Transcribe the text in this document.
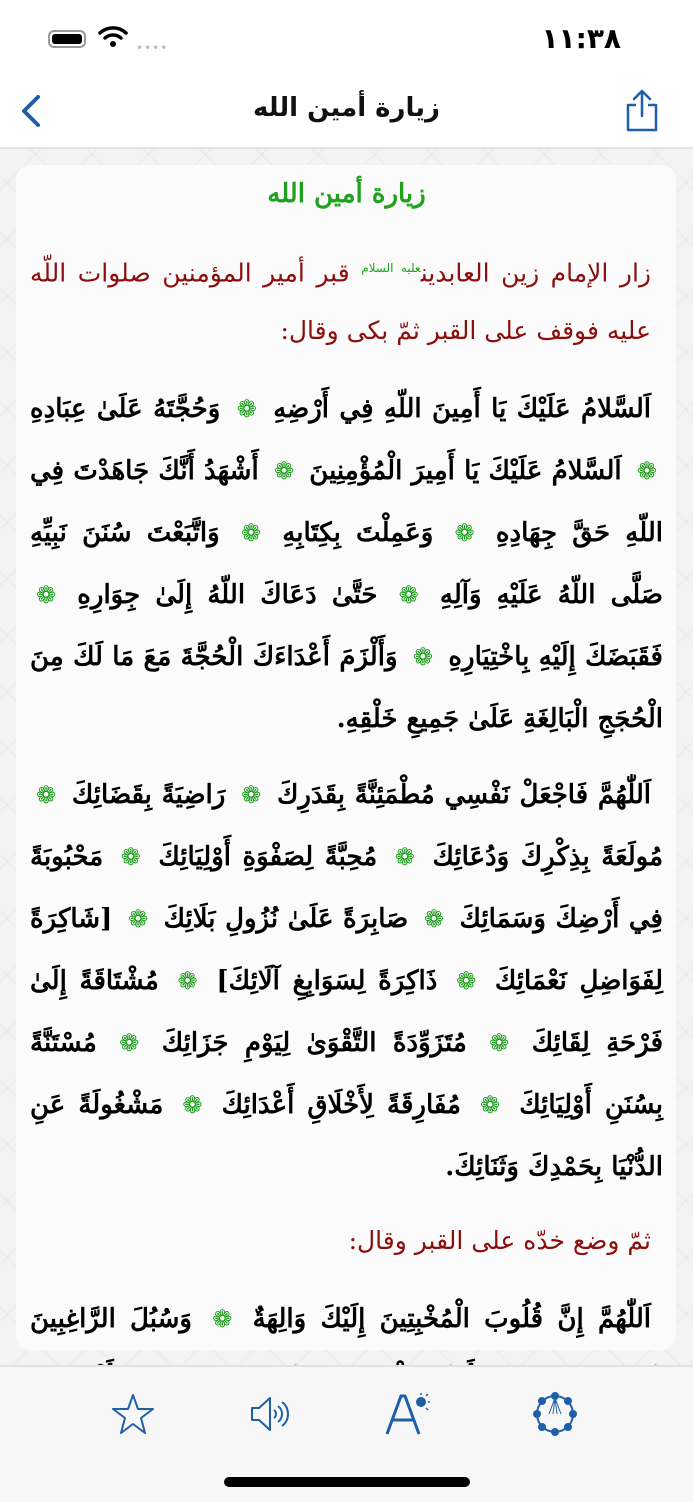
••••	١١:٣٨
زيارة أمين الله
زيارة أمين الله

زار الإمام زين العابدين$^{عليه السلام}$ قبر أمير المؤمنين صلوات اللّه عليه فوقف على القبر ثمّ بكى وقال:

اَلسَّلامُ عَلَيْكَ يَا أَمِينَ اللّهِ فِي أَرْضِهِ ❁ وَحُجَّتَهُ عَلَىٰ عِبَادِهِ ❁ اَلسَّلامُ عَلَيْكَ يَا أَمِيرَ الْمُؤْمِنِينَ ❁ أَشْهَدُ أَنَّكَ جَاهَدْتَ فِي اللّهِ حَقَّ جِهَادِهِ ❁ وَعَمِلْتَ بِكِتَابِهِ ❁ وَاتَّبَعْتَ سُنَنَ نَبِيِّهِ صَلَّى اللّهُ عَلَيْهِ وَآلِهِ ❁ حَتَّىٰ دَعَاكَ اللّهُ إِلَىٰ جِوَارِهِ ❁ فَقَبَضَكَ إِلَيْهِ بِاخْتِيَارِهِ ❁ وَأَلْزَمَ أَعْدَاءَكَ الْحُجَّةَ مَعَ مَا لَكَ مِنَ الْحُجَجِ الْبَالِغَةِ عَلَىٰ جَمِيعِ خَلْقِهِ.

اَللّٰهُمَّ فَاجْعَلْ نَفْسِي مُطْمَئِنَّةً بِقَدَرِكَ ❁ رَاضِيَةً بِقَضَائِكَ ❁ مُولَعَةً بِذِكْرِكَ وَدُعَائِكَ ❁ مُحِبَّةً لِصَفْوَةِ أَوْلِيَائِكَ ❁ مَحْبُوبَةً فِي أَرْضِكَ وَسَمَائِكَ ❁ صَابِرَةً عَلَىٰ نُزُولِ بَلَائِكَ ❁ [شَاكِرَةً لِفَوَاضِلِ نَعْمَائِكَ ❁ ذَاكِرَةً لِسَوَابِغِ آلَائِكَ] ❁ مُشْتَاقَةً إِلَىٰ فَرْحَةِ لِقَائِكَ ❁ مُتَزَوِّدَةً التَّقْوَىٰ لِيَوْمِ جَزَائِكَ ❁ مُسْتَنَّةً بِسُنَنِ أَوْلِيَائِكَ ❁ مُفَارِقَةً لِأَخْلَاقِ أَعْدَائِكَ ❁ مَشْغُولَةً عَنِ الدُّنْيَا بِحَمْدِكَ وَثَنَائِكَ.

ثمّ وضع خدّه على القبر وقال:

اَللّٰهُمَّ إِنَّ قُلُوبَ الْمُخْبِتِينَ إِلَيْكَ وَالِهَةٌ ❁ وَسُبُلَ الرَّاغِبِينَ
